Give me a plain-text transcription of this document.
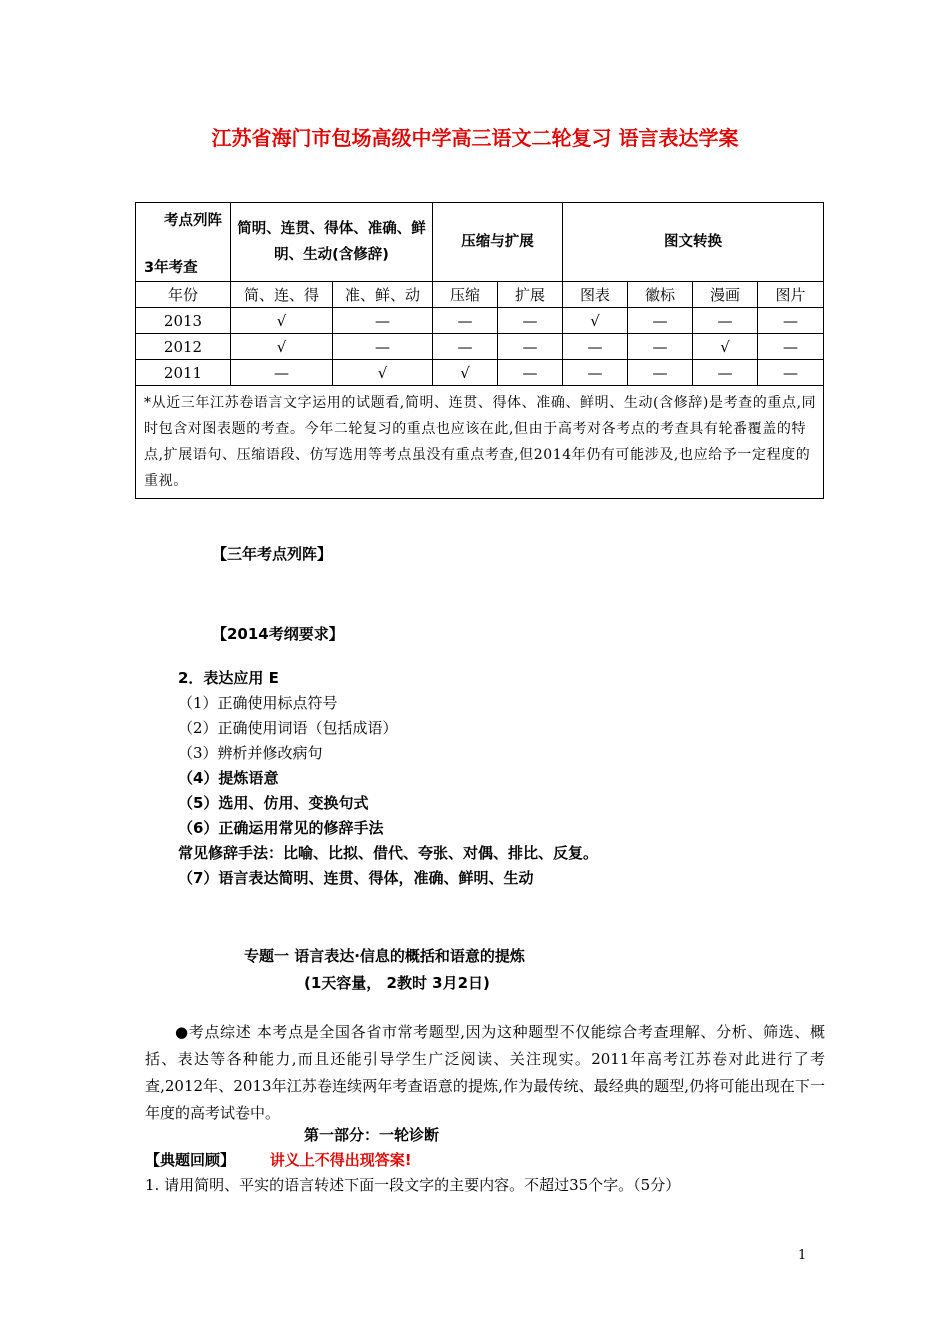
江苏省海门市包场高级中学高三语文二轮复习 语言表达学案
考点列阵
3年考查	简明、连贯、得体、准确、鲜明、生动(含修辞)		压缩与扩展		图文转换			
年份	简、连、得	准、鲜、动	压缩	扩展	图表	徽标	漫画	图片
2013	√	—	—	—	√	—	—	—
2012	√	—	—	—	—	—	√	—
2011	—	√	√	—	—	—	—	—
*从近三年江苏卷语言文字运用的试题看,简明、连贯、得体、准确、鲜明、生动(含修辞)是考查的重点,同时包含对图表题的考查。今年二轮复习的重点也应该在此,但由于高考对各考点的考查具有轮番覆盖的特点,扩展语句、压缩语段、仿写选用等考点虽没有重点考查,但2014年仍有可能涉及,也应给予一定程度的重视。								
【三年考点列阵】
【2014考纲要求】
2．表达应用 E
（1）正确使用标点符号
（2）正确使用词语（包括成语）
（3）辨析并修改病句
（4）提炼语意
（5）选用、仿用、变换句式
（6）正确运用常见的修辞手法
常见修辞手法：比喻、比拟、借代、夸张、对偶、排比、反复。
（7）语言表达简明、连贯、得体，准确、鲜明、生动
专题一 语言表达·信息的概括和语意的提炼
(1天容量， 2教时 3月2日)
●考点综述 本考点是全国各省市常考题型,因为这种题型不仅能综合考查理解、分析、筛选、概括、表达等各种能力,而且还能引导学生广泛阅读、关注现实。2011年高考江苏卷对此进行了考查,2012年、2013年江苏卷连续两年考查语意的提炼,作为最传统、最经典的题型,仍将可能出现在下一年度的高考试卷中。
第一部分：一轮诊断
【典题回顾】 讲义上不得出现答案!
1. 请用简明、平实的语言转述下面一段文字的主要内容。不超过35个字。（5分）
1
